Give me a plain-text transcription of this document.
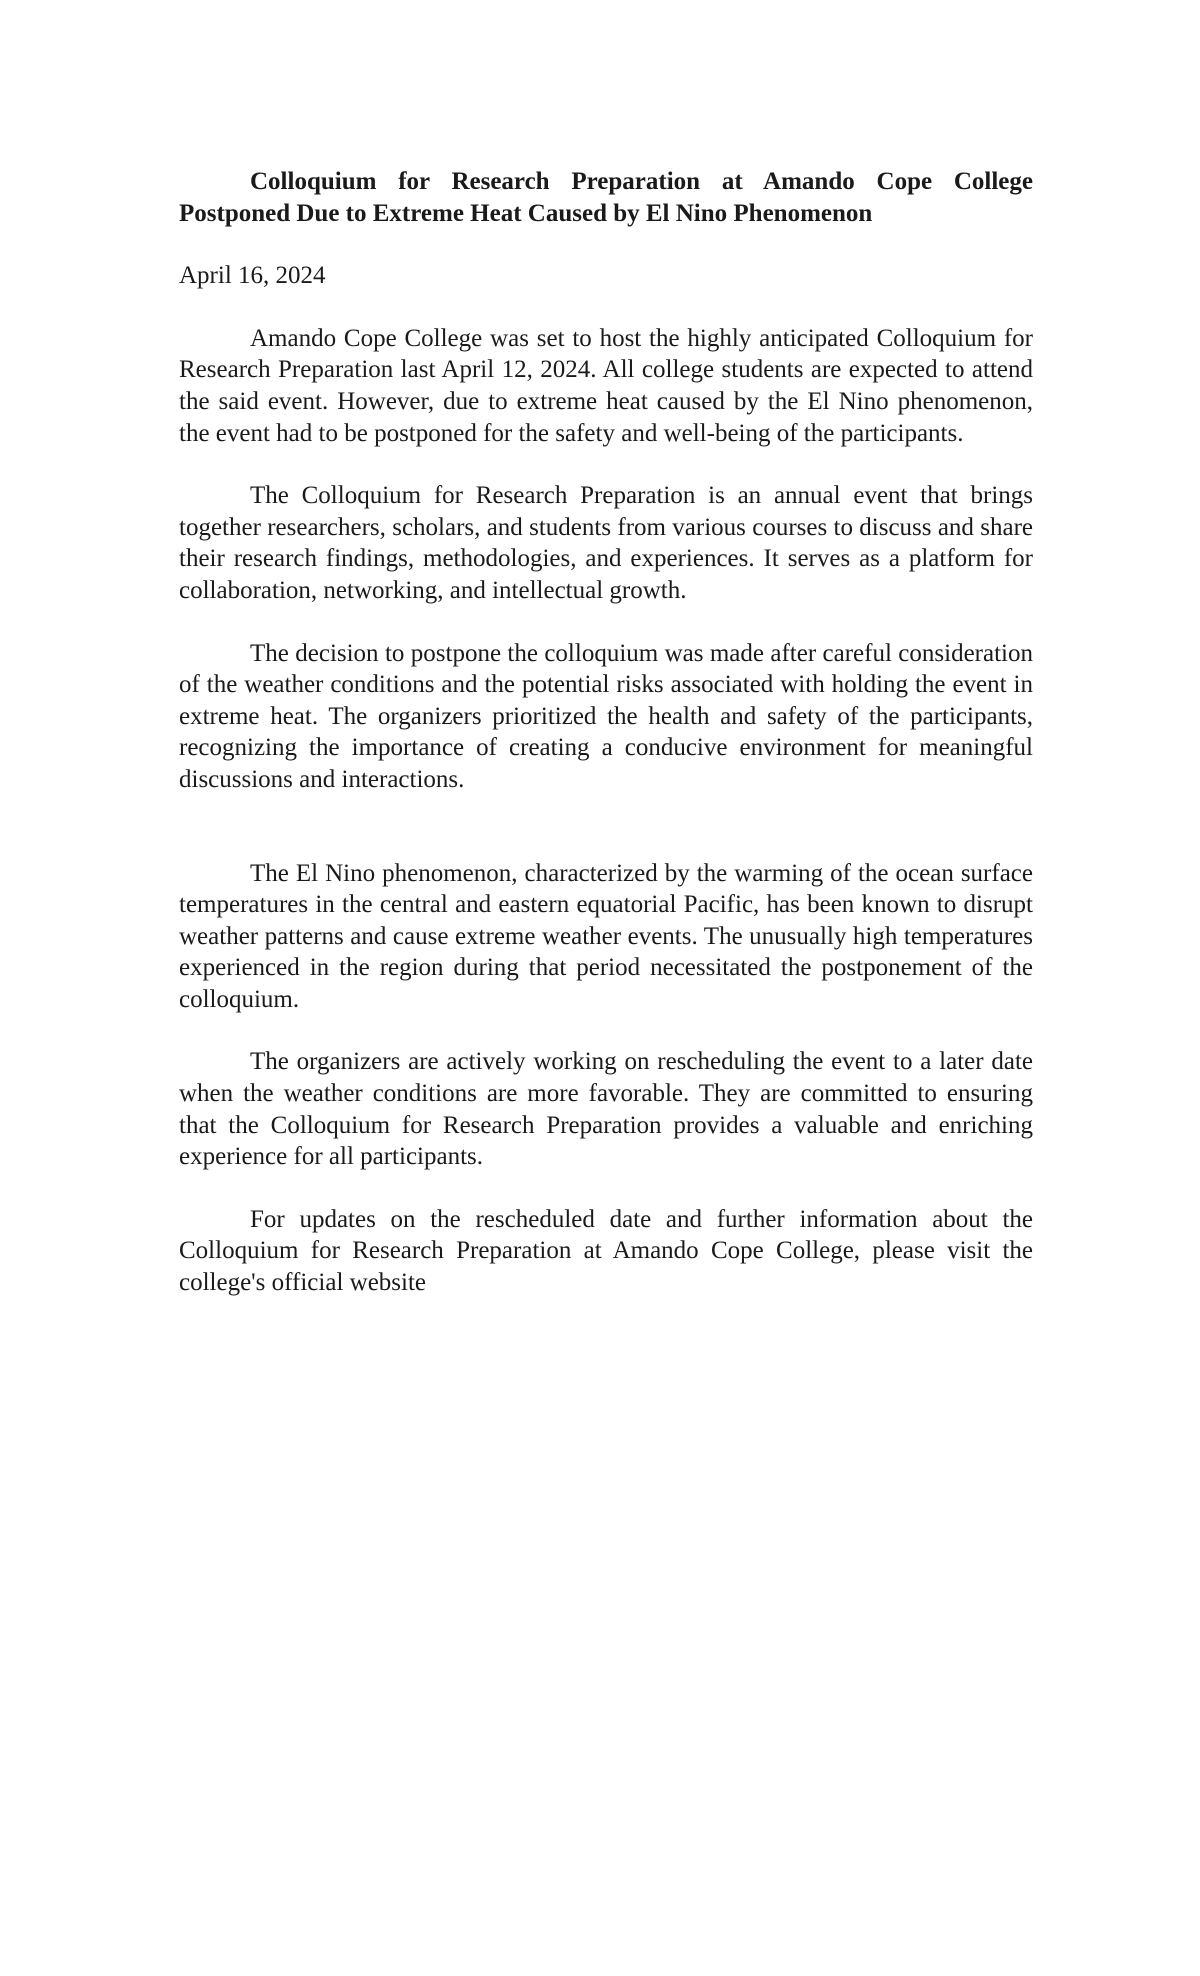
Colloquium for Research Preparation at Amando Cope College Postponed Due to Extreme Heat Caused by El Nino Phenomenon

April 16, 2024

Amando Cope College was set to host the highly anticipated Colloquium for Research Preparation last April 12, 2024. All college students are expected to attend the said event. However, due to extreme heat caused by the El Nino phenomenon, the event had to be postponed for the safety and well-being of the participants.

The Colloquium for Research Preparation is an annual event that brings together researchers, scholars, and students from various courses to discuss and share their research findings, methodologies, and experiences. It serves as a platform for collaboration, networking, and intellectual growth.

The decision to postpone the colloquium was made after careful consideration of the weather conditions and the potential risks associated with holding the event in extreme heat. The organizers prioritized the health and safety of the participants, recognizing the importance of creating a conducive environment for meaningful discussions and interactions.

The El Nino phenomenon, characterized by the warming of the ocean surface temperatures in the central and eastern equatorial Pacific, has been known to disrupt weather patterns and cause extreme weather events. The unusually high temperatures experienced in the region during that period necessitated the postponement of the colloquium.

The organizers are actively working on rescheduling the event to a later date when the weather conditions are more favorable. They are committed to ensuring that the Colloquium for Research Preparation provides a valuable and enriching experience for all participants.

For updates on the rescheduled date and further information about the Colloquium for Research Preparation at Amando Cope College, please visit the college's official website
